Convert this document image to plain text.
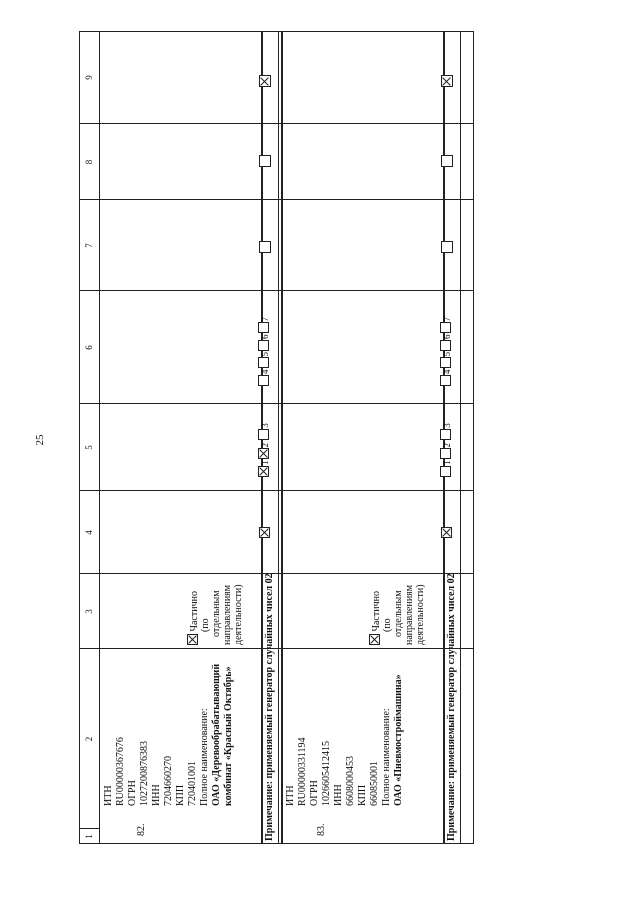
25
1
2
3
4
5
6
7
8
9
82.
ИТН RU00000367676 ОГРН 1027200876383 ИНН 7204660270 КПП 720401001 Полное наименование: ОАО «Деревообрабатывающий комбинат «Красный Октябрь»
Частично (по отдельным направлениям деятельности)
12 3
4567
Примечание: применяемый генератор случайных чисел 02	83.
ИТН RU00000331194 ОГРН 1026605412415 ИНН 6608000453 КПП 660850001 Полное наименование: ОАО «Пневмостроймашина»
Частично (по отдельным направлениям деятельности)
12 3
4567
Примечание: применяемый генератор случайных чисел 02
